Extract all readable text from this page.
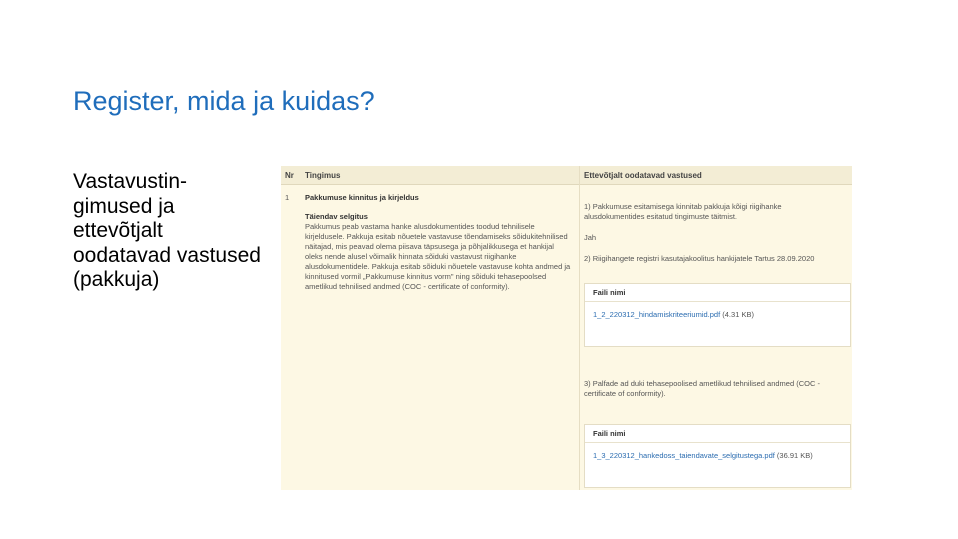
Register, mida ja kuidas?
Vastavustin-gimused ja ettevõtjalt oodatavad vastused
(pakkuja)
Nr Tingimus	Ettevõtjalt oodatavad vastused
1 Pakkumuse kinnitus ja kirjeldus
Täiendav selgitus
Pakkumus peab vastama hanke alusdokumentides toodud tehnilisele kirjeldusele. Pakkuja esitab nõuetele vastavuse tõendamiseks sõidukitehnilised näitajad, mis peavad olema piisava täpsusega ja põhjalikkusega et hankijal oleks nende alusel võimalik hinnata sõiduki vastavust riigihanke alusdokumentidele. Pakkuja esitab sõiduki nõuetele vastavuse kohta andmed ja kinnitused vormil „Pakkumuse kinnitus vorm" ning sõiduki tehasepoolsed ametlikud tehnilised andmed (COC - certificate of conformity).
1) Pakkumuse esitamisega kinnitab pakkuja kõigi riigihanke alusdokumentides esitatud tingimuste täitmist.
Jah
2) Riigihangete registri kasutajakoolitus hankijatele Tartus 28.09.2020
Faili nimi
1_2_220312_hindamiskriteeriumid.pdf (4.31 KB)
3) Palfade ad duki tehasepoolised ametlikud tehnilised andmed (COC - certificate of conformity).
Faili nimi
1_3_220312_hankedoss_taiendavate_selgitustega.pdf (36.91 KB)
